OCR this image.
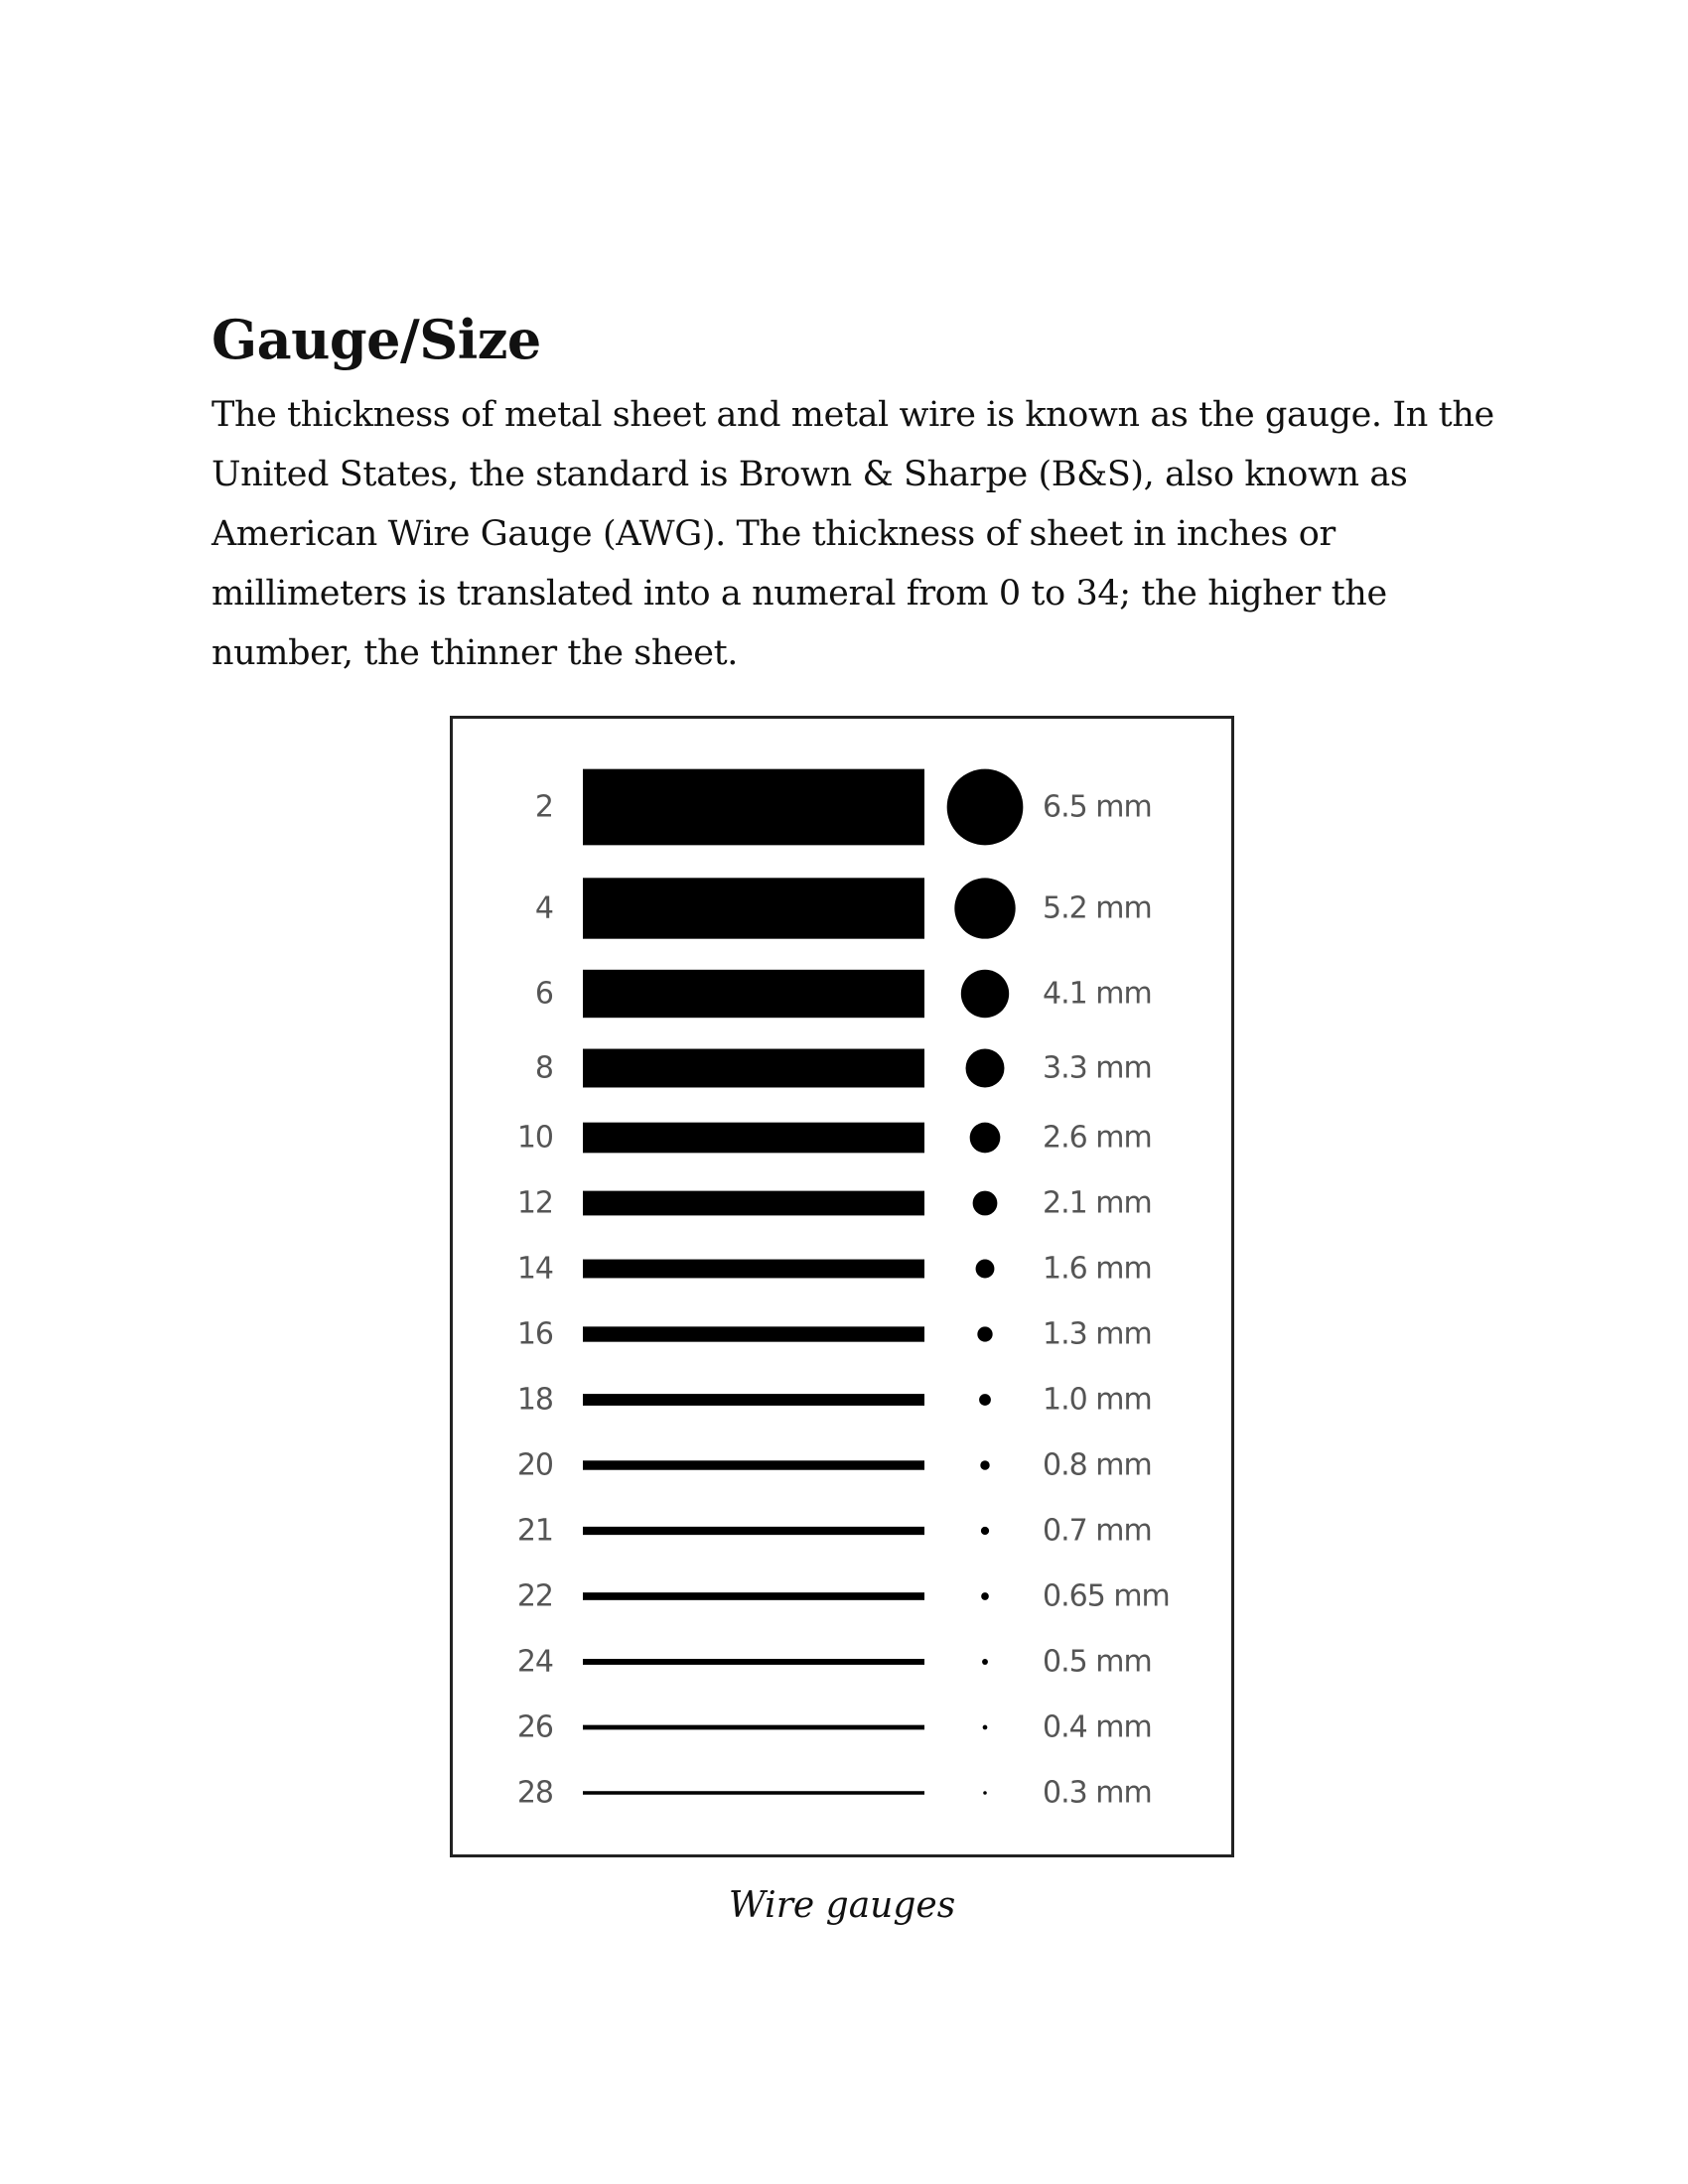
Gauge/Size

The thickness of metal sheet and metal wire is known as the gauge. In the United States, the standard is Brown & Sharpe (B&S), also known as American Wire Gauge (AWG). The thickness of sheet in inches or millimeters is translated into a numeral from 0 to 34; the higher the number, the thinner the sheet.

2	6.5 mm
4	5.2 mm
6	4.1 mm
8	3.3 mm
10	2.6 mm
12	2.1 mm
14	1.6 mm
16	1.3 mm
18	1.0 mm
20	0.8 mm
21	0.7 mm
22	0.65 mm
24	0.5 mm
26	0.4 mm
28	0.3 mm

Wire gauges
